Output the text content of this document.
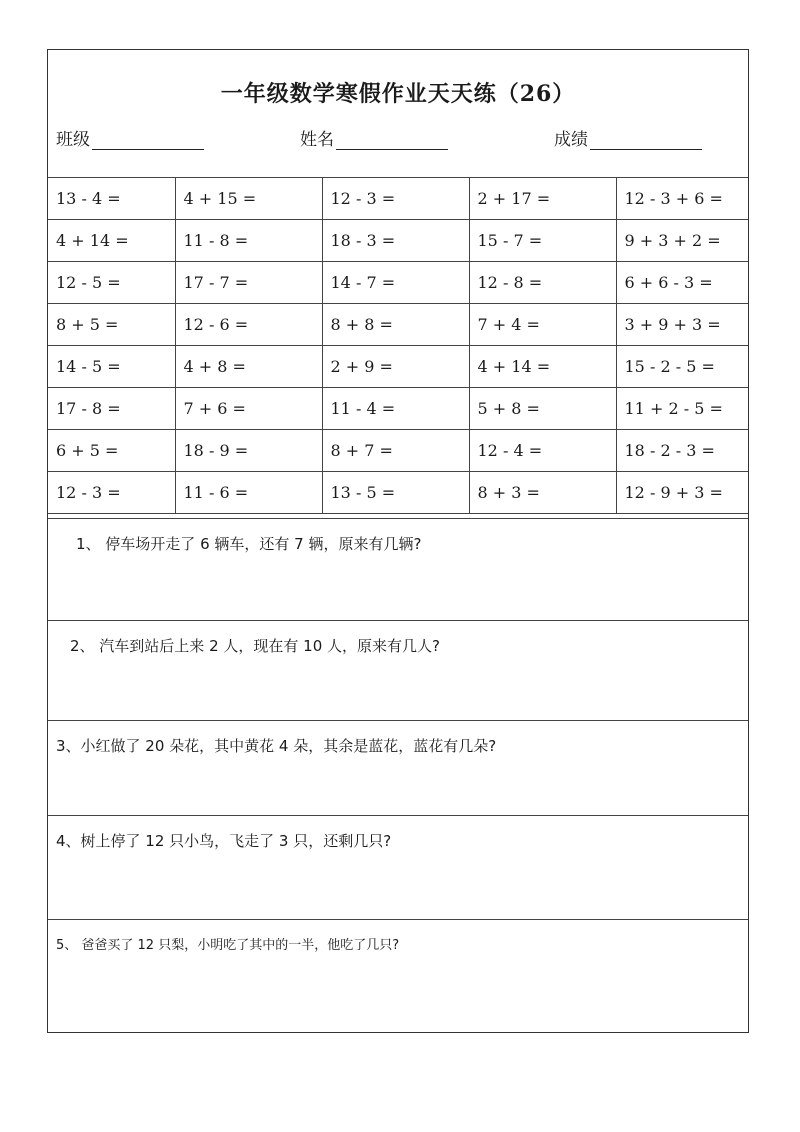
一年级数学寒假作业天天练（26）
班级	姓名	成绩
13 - 4 =	4 + 15 =	12 - 3 =	2 + 17 =	12 - 3 + 6 =
4 + 14 =	11 - 8 =	18 - 3 =	15 - 7 =	9 + 3 + 2 =
12 - 5 =	17 - 7 =	14 - 7 =	12 - 8 =	6 + 6 - 3 =
8 + 5 =	12 - 6 =	8 + 8 =	7 + 4 =	3 + 9 + 3 =
14 - 5 =	4 + 8 =	2 + 9 =	4 + 14 =	15 - 2 - 5 =
17 - 8 =	7 + 6 =	11 - 4 =	5 + 8 =	11 + 2 - 5 =
6 + 5 =	18 - 9 =	8 + 7 =	12 - 4 =	18 - 2 - 3 =
12 - 3 =	11 - 6 =	13 - 5 =	8 + 3 =	12 - 9 + 3 =
1、 停车场开走了 6 辆车，还有 7 辆，原来有几辆?
2、 汽车到站后上来 2 人，现在有 10 人，原来有几人?
3、小红做了 20 朵花，其中黄花 4 朵，其余是蓝花，蓝花有几朵?
4、树上停了 12 只小鸟，飞走了 3 只，还剩几只?
5、 爸爸买了 12 只梨，小明吃了其中的一半，他吃了几只?
